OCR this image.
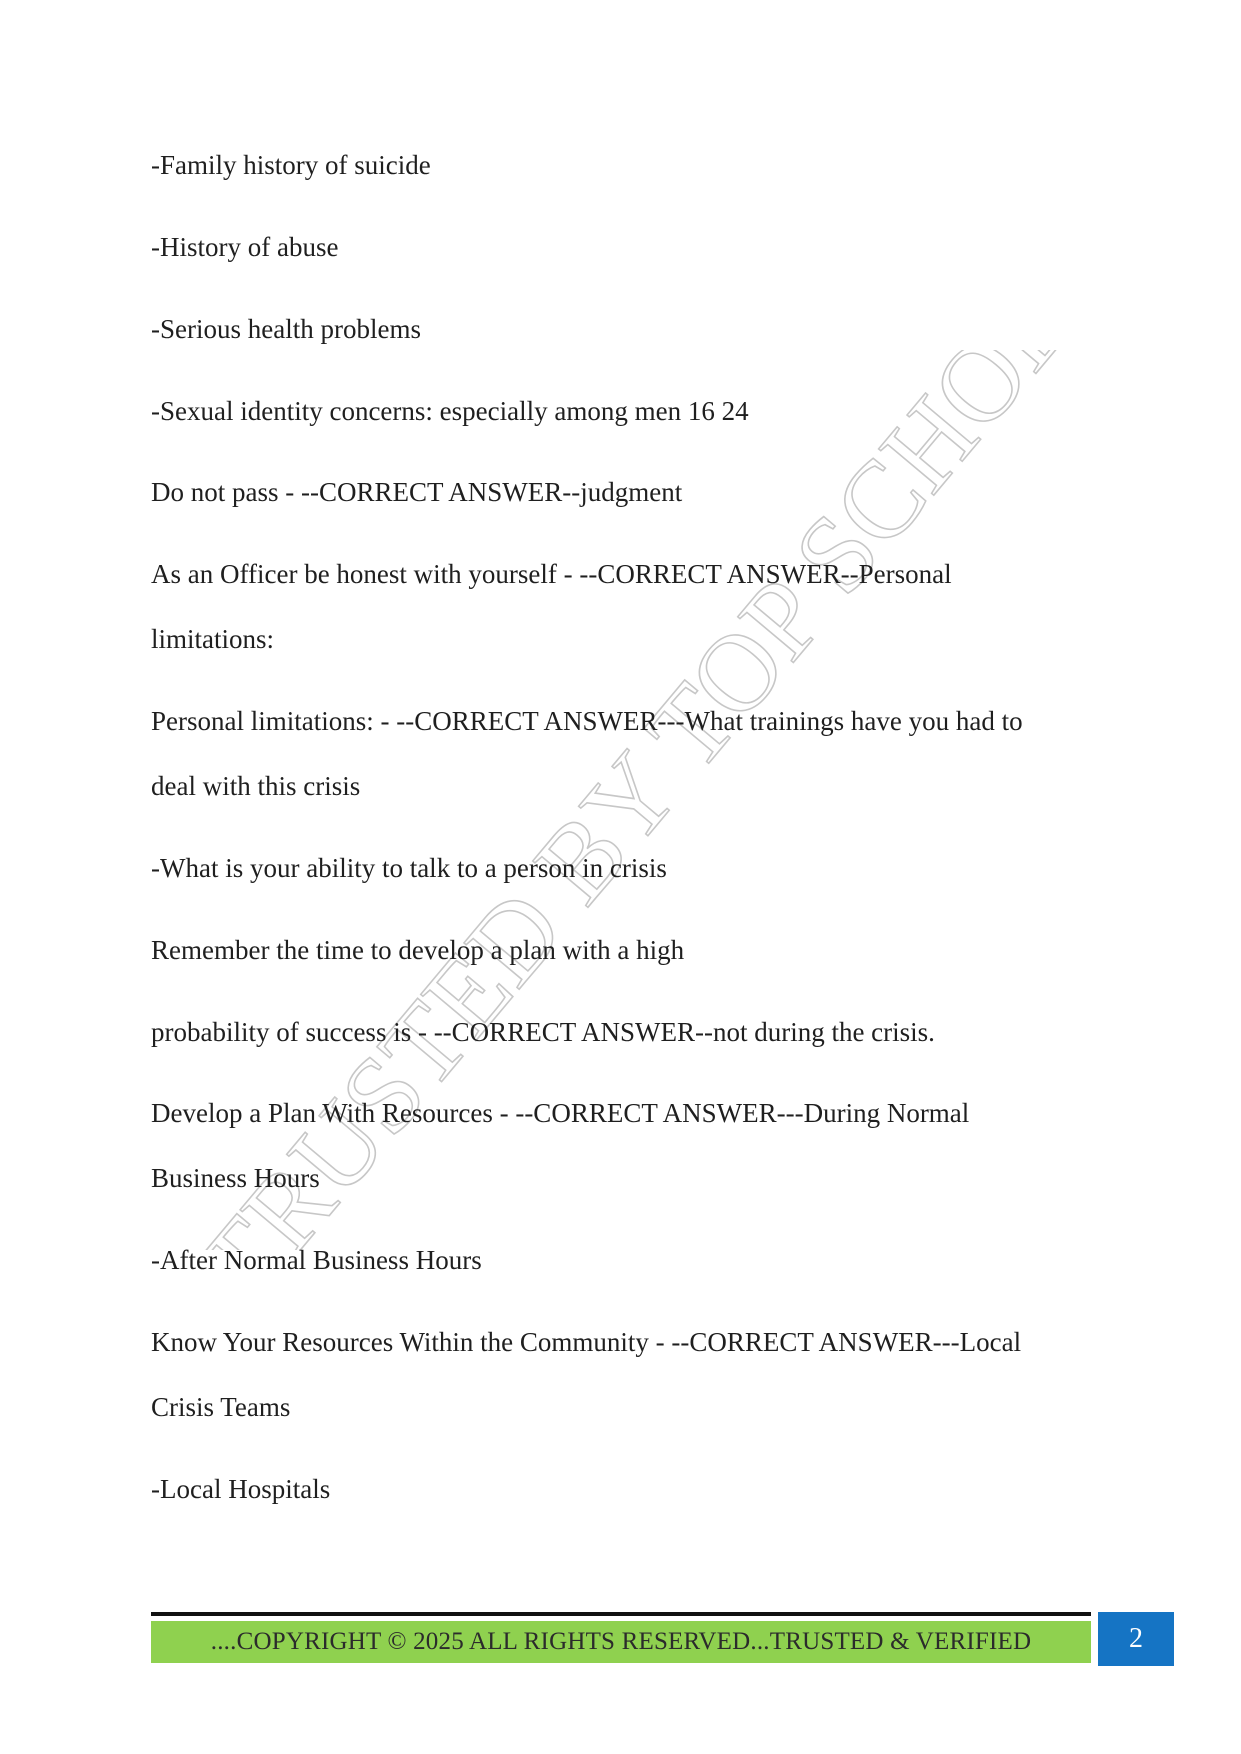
TRUSTED BY TOP SCHOLARS
-Family history of suicide
-History of abuse
-Serious health problems
-Sexual identity concerns: especially among men 16 24
Do not pass - --CORRECT ANSWER--judgment
As an Officer be honest with yourself - --CORRECT ANSWER--Personal
limitations:
Personal limitations: - --CORRECT ANSWER---What trainings have you had to
deal with this crisis
-What is your ability to talk to a person in crisis
Remember the time to develop a plan with a high
probability of success is - --CORRECT ANSWER--not during the crisis.
Develop a Plan With Resources - --CORRECT ANSWER---During Normal
Business Hours
-After Normal Business Hours
Know Your Resources Within the Community - --CORRECT ANSWER---Local
Crisis Teams
-Local Hospitals
....COPYRIGHT © 2025 ALL RIGHTS RESERVED...TRUSTED & VERIFIED	2
